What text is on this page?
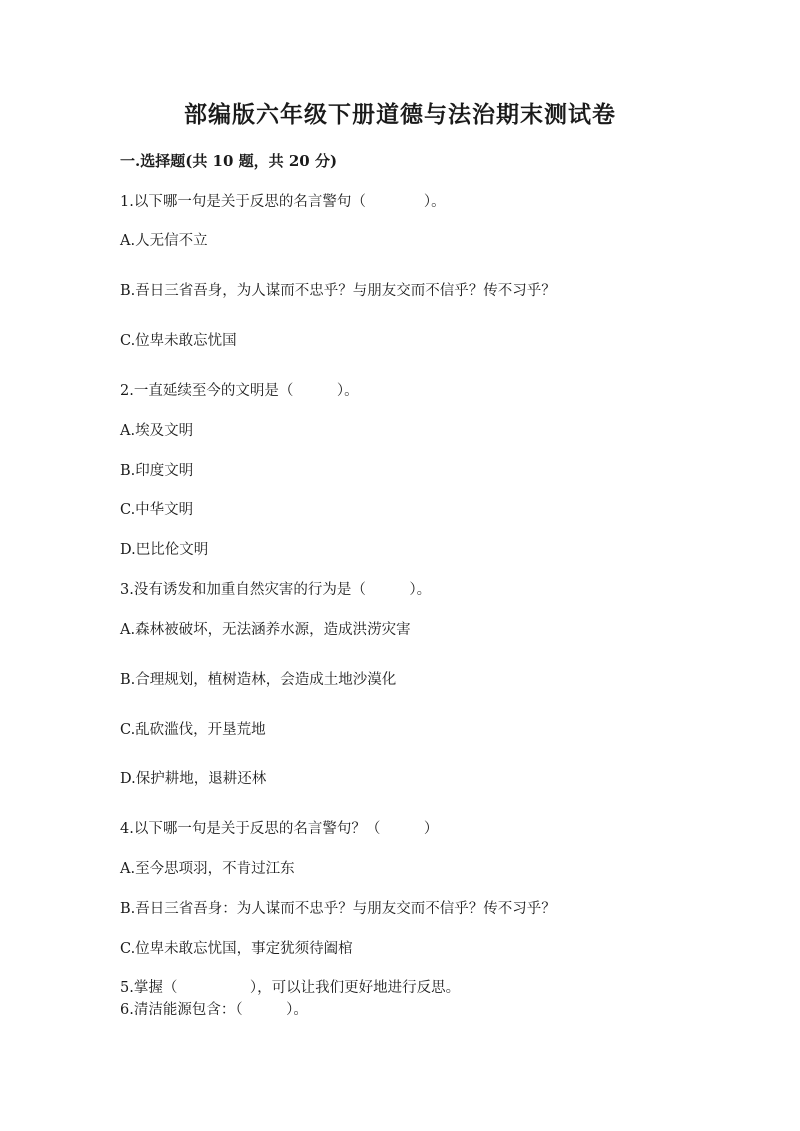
部编版六年级下册道德与法治期末测试卷
一.选择题(共 10 题，共 20 分)
1.以下哪一句是关于反思的名言警句（　　　　）。
A.人无信不立
B.吾日三省吾身，为人谋而不忠乎？与朋友交而不信乎？传不习乎？
C.位卑未敢忘忧国
2.一直延续至今的文明是（　　　）。
A.埃及文明
B.印度文明
C.中华文明
D.巴比伦文明
3.没有诱发和加重自然灾害的行为是（　　　）。
A.森林被破坏，无法涵养水源，造成洪涝灾害
B.合理规划，植树造林，会造成土地沙漠化
C.乱砍滥伐，开垦荒地
D.保护耕地，退耕还林
4.以下哪一句是关于反思的名言警句？（　　　）
A.至今思项羽，不肯过江东
B.吾日三省吾身：为人谋而不忠乎？与朋友交而不信乎？传不习乎？
C.位卑未敢忘忧国，事定犹须待阖棺
5.掌握（　　　　　），可以让我们更好地进行反思。
6.清洁能源包含：（　　　）。
